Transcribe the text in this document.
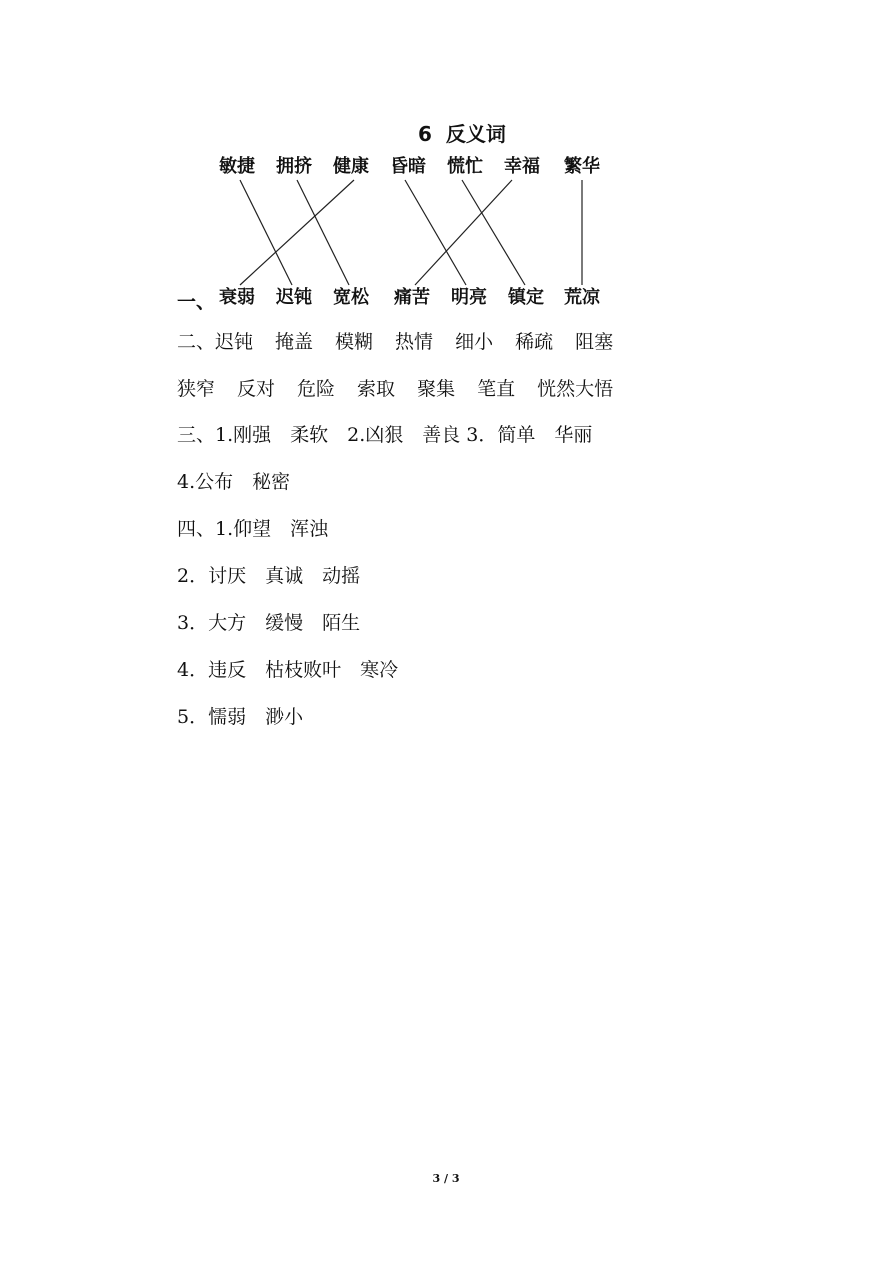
6 反义词
敏捷 拥挤 健康 昏暗 慌忙 幸福 繁华
一、 衰弱 迟钝 宽松 痛苦 明亮 镇定 荒凉
二、迟钝 掩盖 模糊 热情 细小 稀疏 阻塞
狭窄 反对 危险 索取 聚集 笔直 恍然大悟
三、1.刚强　柔软　2.凶狠　善良 3．简单　华丽
4.公布　秘密
四、1.仰望　浑浊
2．讨厌　真诚　动摇
3．大方　缓慢　陌生
4．违反　枯枝败叶　寒冷
5．懦弱　渺小
3 / 3
